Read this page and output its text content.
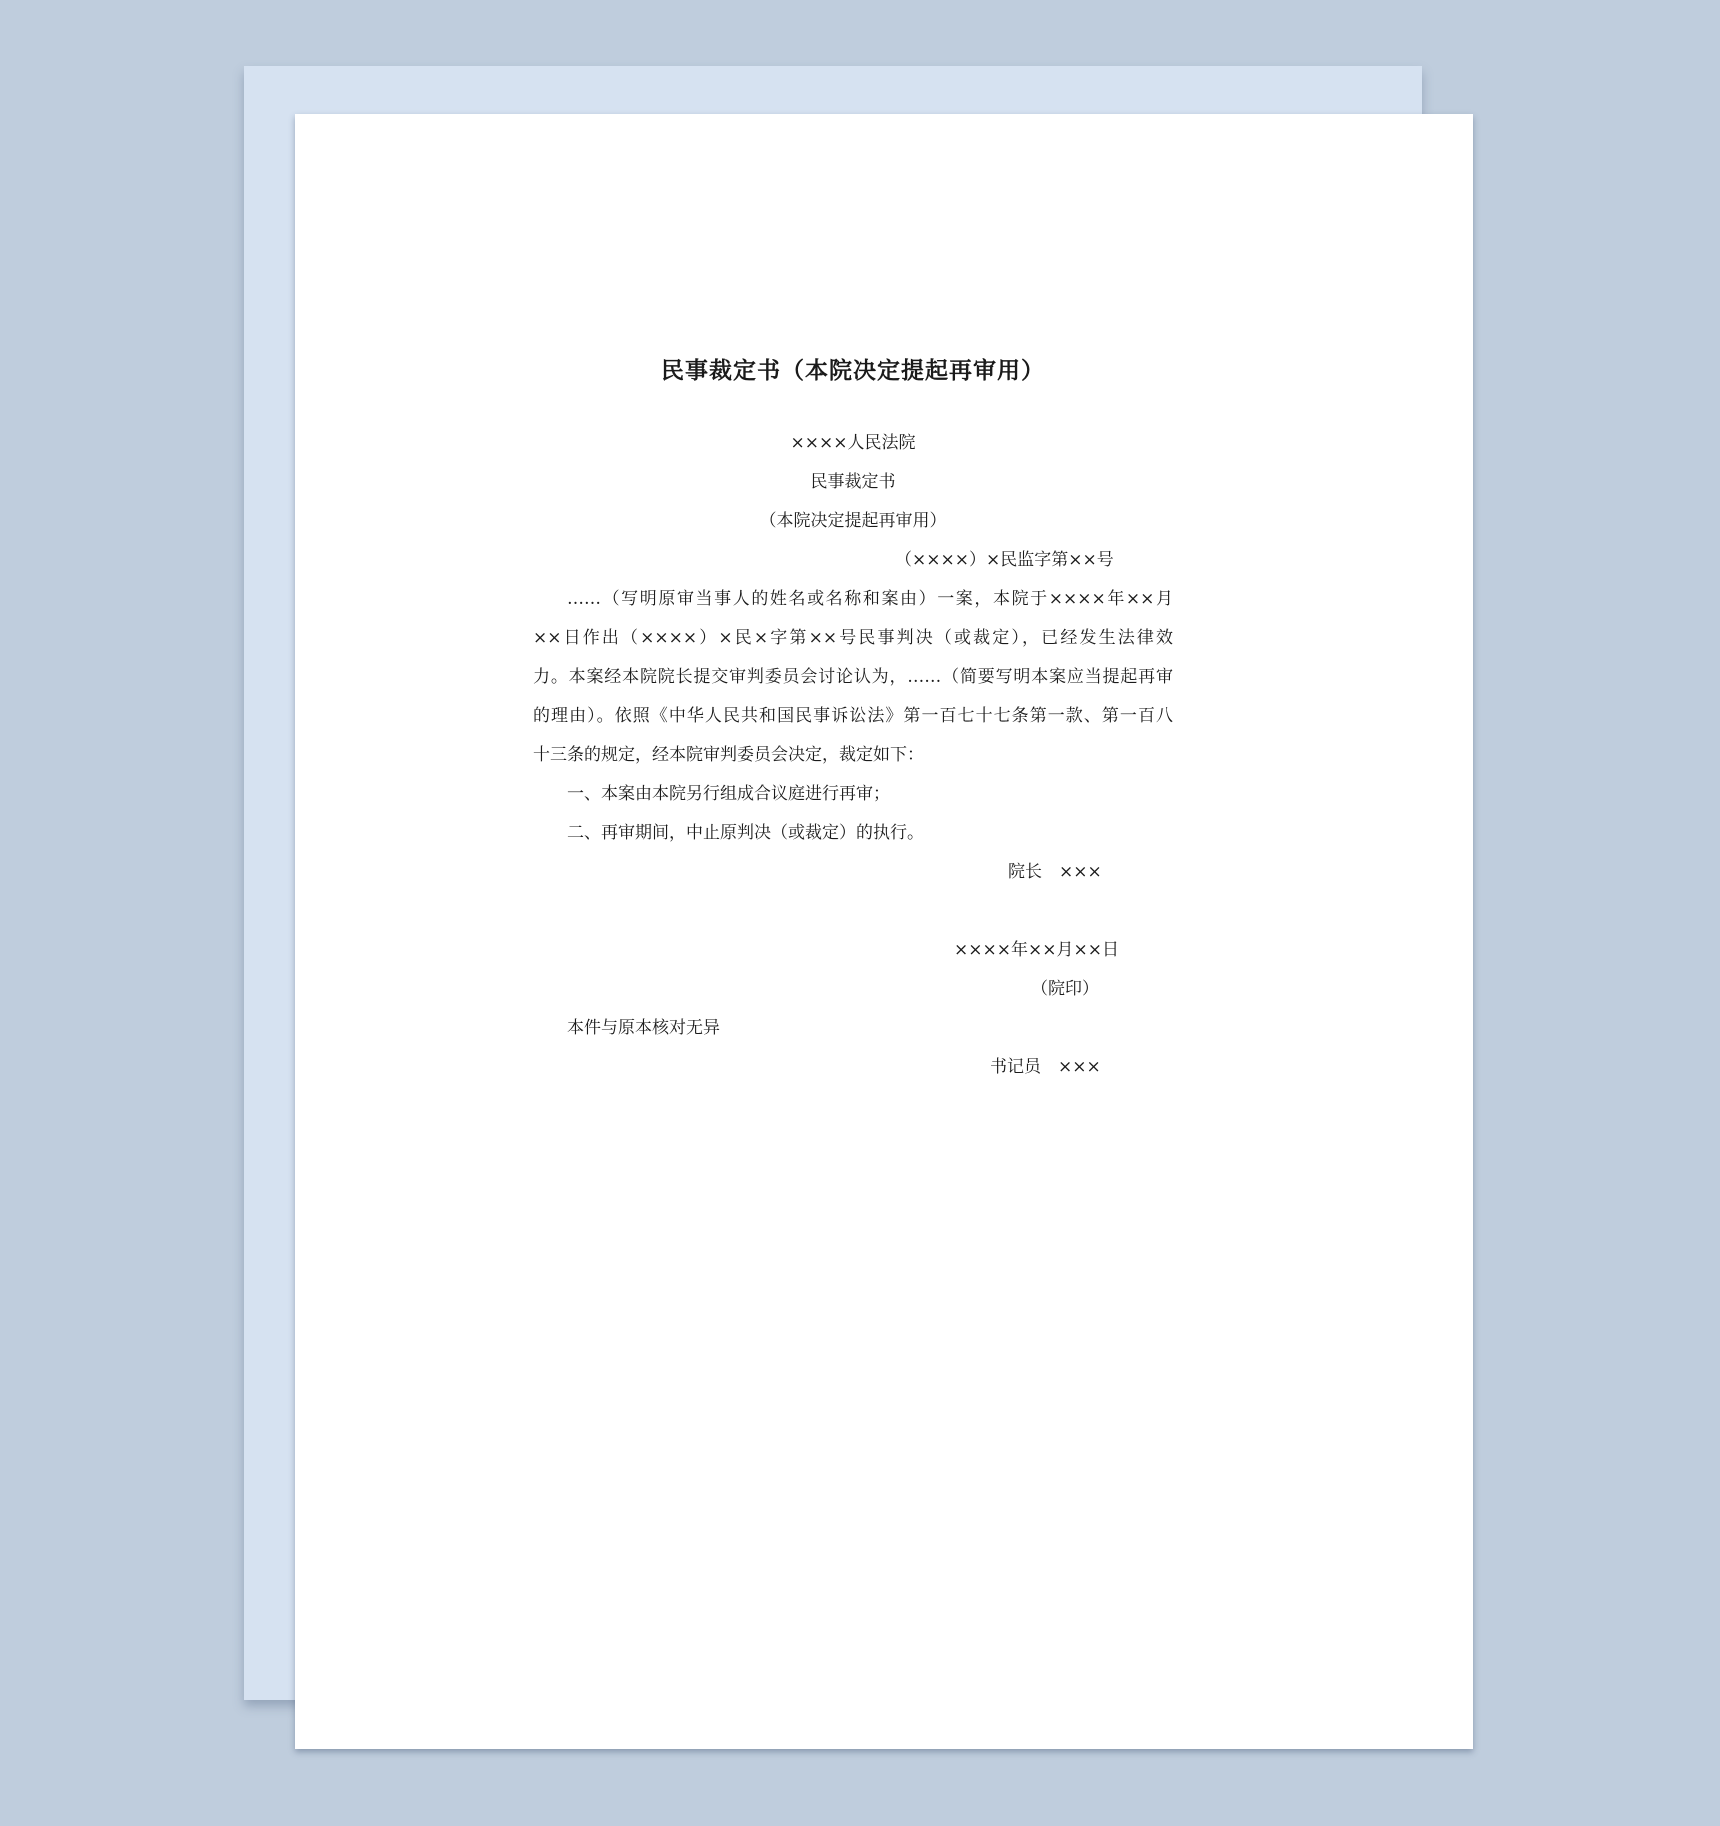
民事裁定书（本院决定提起再审用）
××××人民法院
民事裁定书
（本院决定提起再审用）
（××××）×民监字第××号
……（写明原审当事人的姓名或名称和案由）一案，本院于××××年××月
××日作出（××××）×民×字第××号民事判决（或裁定），已经发生法律效
力。本案经本院院长提交审判委员会讨论认为，……（简要写明本案应当提起再审
的理由）。依照《中华人民共和国民事诉讼法》第一百七十七条第一款、第一百八
十三条的规定，经本院审判委员会决定，裁定如下：
一、本案由本院另行组成合议庭进行再审；
二、再审期间，中止原判决（或裁定）的执行。
院长　×××
××××年××月××日
（院印）
本件与原本核对无异
书记员　×××
